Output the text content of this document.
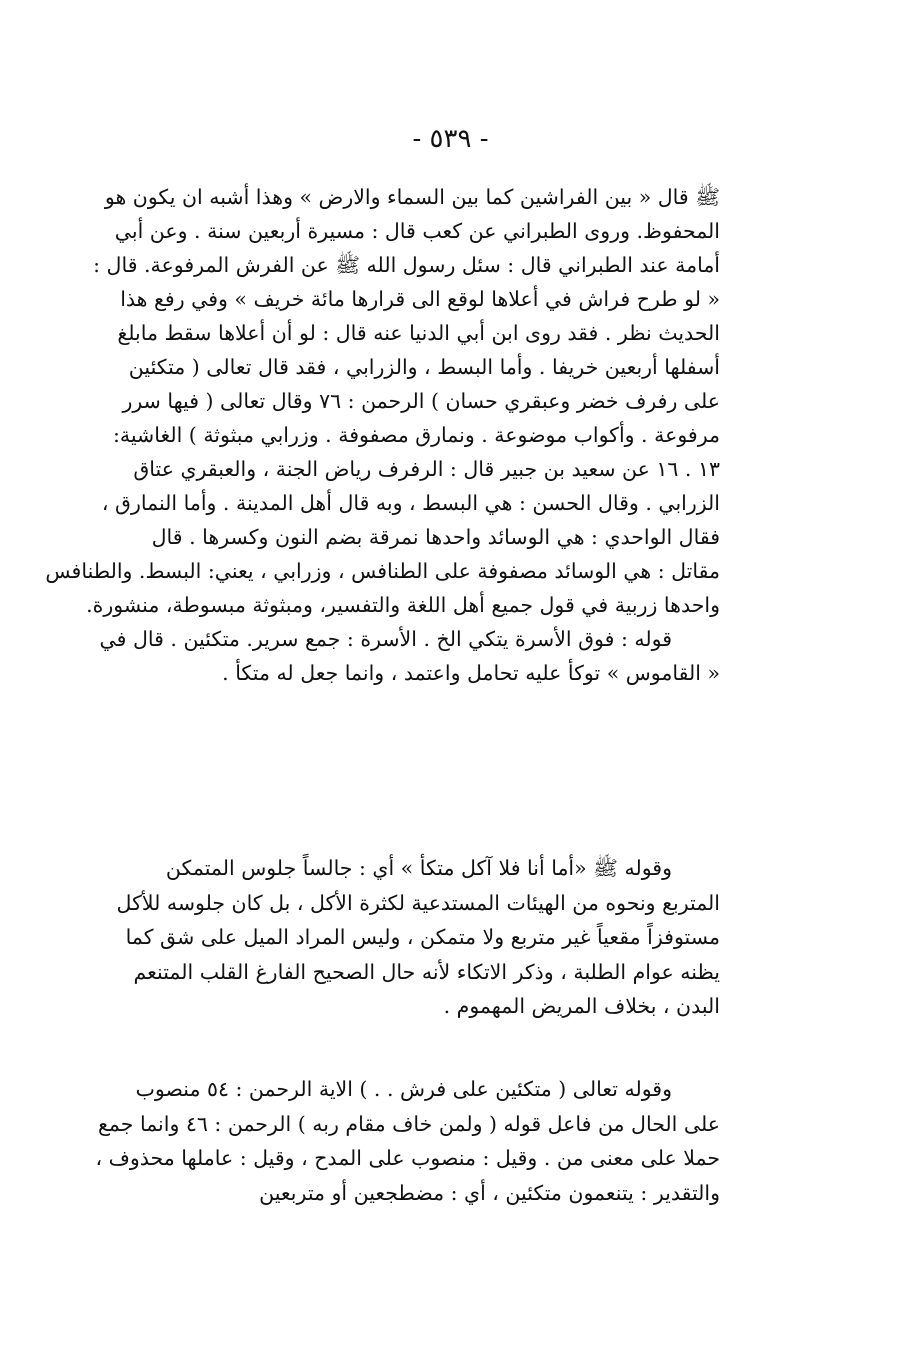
- ٥٣٩ -
ﷺ قال « بين الفراشين كما بين السماء والارض » وهذا أشبه ان يكون هو
المحفوظ. وروى الطبراني عن كعب قال : مسيرة أربعين سنة . وعن أبي
أمامة عند الطبراني قال : سئل رسول الله ﷺ عن الفرش المرفوعة. قال :
« لو طرح فراش في أعلاها لوقع الى قرارها مائة خريف » وفي رفع هذا
الحديث نظر . فقد روى ابن أبي الدنيا عنه قال : لو أن أعلاها سقط مابلغ
أسفلها أربعين خريفا . وأما البسط ، والزرابي ، فقد قال تعالى ( متكئين
على رفرف خضر وعبقري حسان ) الرحمن : ٧٦ وقال تعالى ( فيها سرر
مرفوعة . وأكواب موضوعة . ونمارق مصفوفة . وزرابي مبثوثة ) الغاشية:
١٣ . ١٦ عن سعيد بن جبير قال : الرفرف رياض الجنة ، والعبقري عتاق
الزرابي . وقال الحسن : هي البسط ، وبه قال أهل المدينة . وأما النمارق ،
فقال الواحدي : هي الوسائد واحدها نمرقة بضم النون وكسرها . قال
مقاتل : هي الوسائد مصفوفة على الطنافس ، وزرابي ، يعني: البسط. والطنافس
واحدها زربية في قول جميع أهل اللغة والتفسير، ومبثوثة مبسوطة، منشورة.
قوله : فوق الأسرة يتكي الخ . الأسرة : جمع سرير. متكئين . قال في
« القاموس » توكأ عليه تحامل واعتمد ، وانما جعل له متكأ .
وقوله ﷺ «أما أنا فلا آكل متكأ » أي : جالساً جلوس المتمكن
المتربع ونحوه من الهيئات المستدعية لكثرة الأكل ، بل كان جلوسه للأكل
مستوفزاً مقعياً غير متربع ولا متمكن ، وليس المراد الميل على شق كما
يظنه عوام الطلبة ، وذكر الاتكاء لأنه حال الصحيح الفارغ القلب المتنعم
البدن ، بخلاف المريض المهموم .
وقوله تعالى ( متكئين على فرش . . ) الاية الرحمن : ٥٤ منصوب
على الحال من فاعل قوله ( ولمن خاف مقام ربه ) الرحمن : ٤٦ وانما جمع
حملا على معنى من . وقيل : منصوب على المدح ، وقيل : عاملها محذوف ،
والتقدير : يتنعمون متكئين ، أي : مضطجعين أو متربعين
